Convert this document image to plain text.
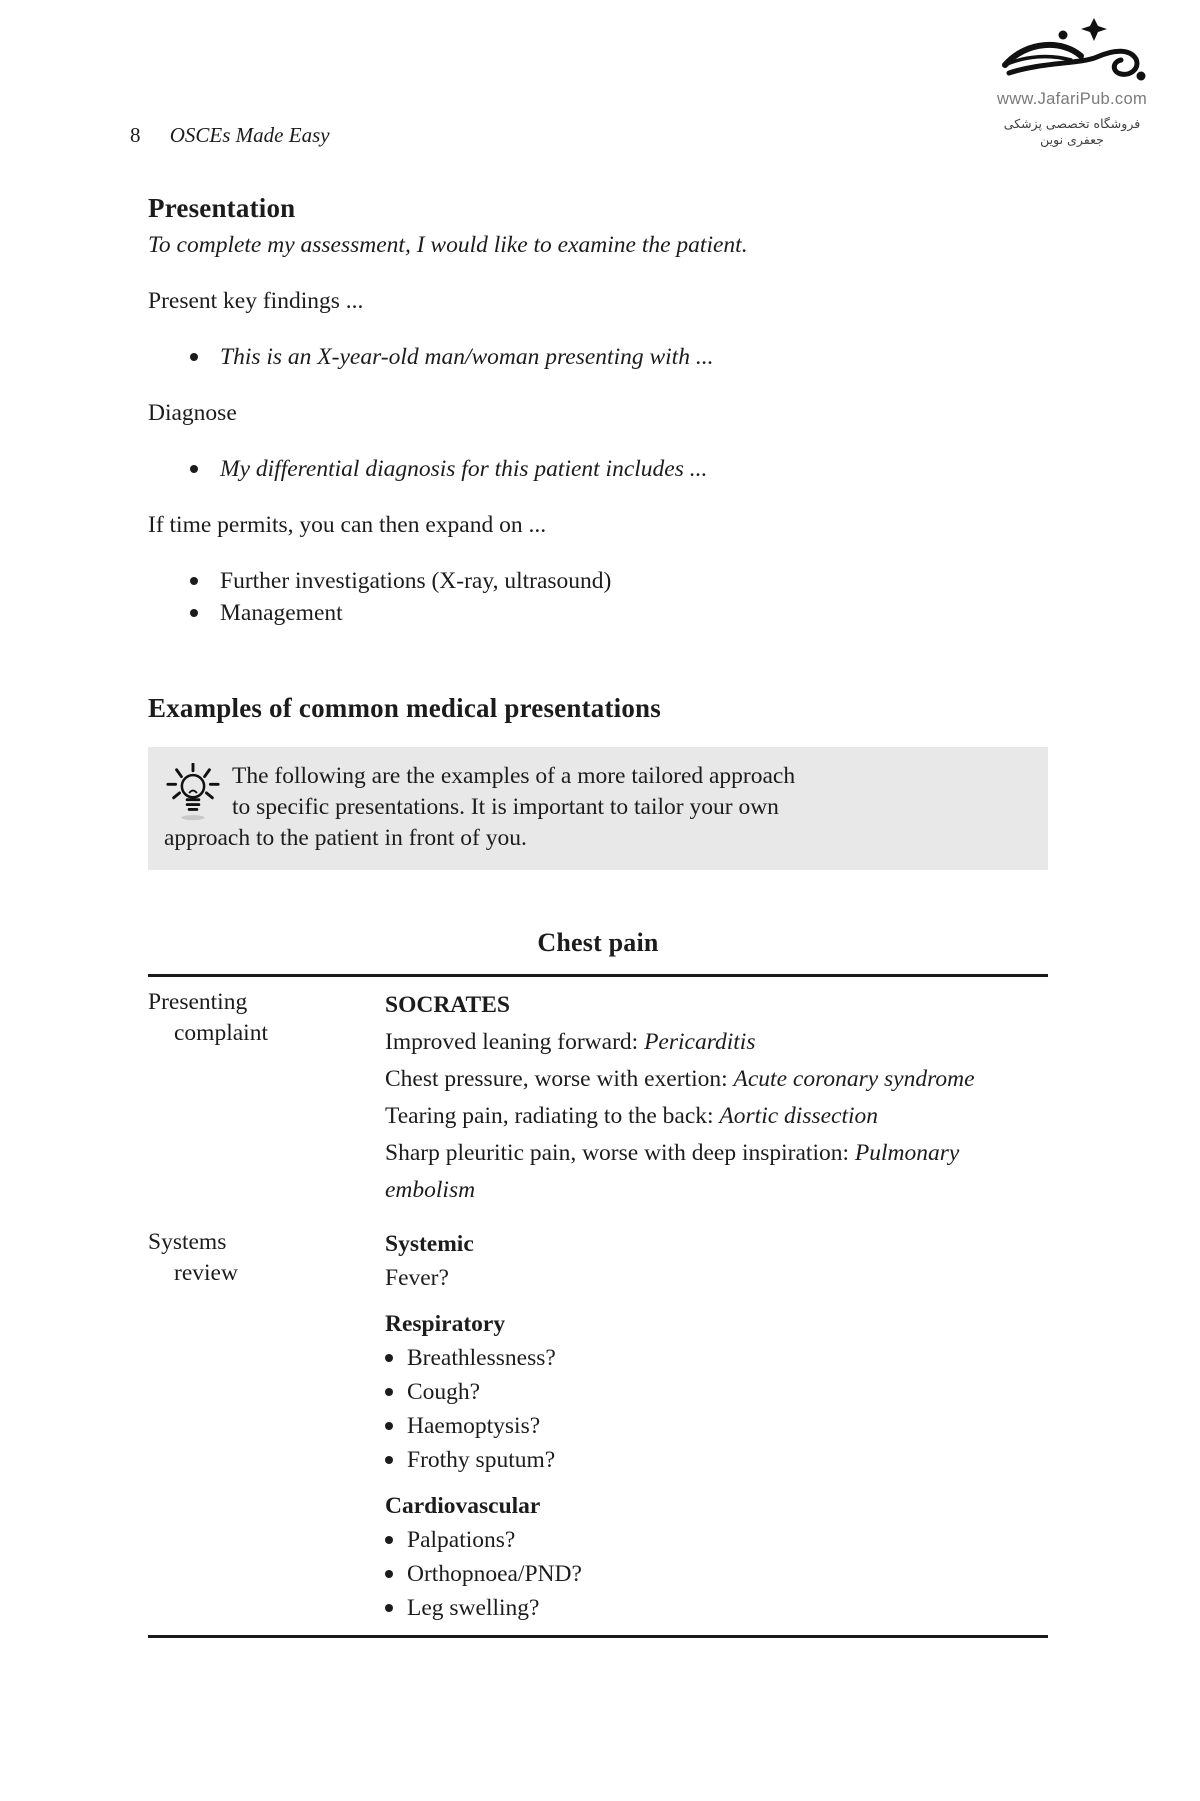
www.JafariPub.com
فروشگاه تخصصی پزشکی جعفری نوین
8 OSCEs Made Easy
Presentation

To complete my assessment, I would like to examine the patient.

Present key findings ...

This is an X-year-old man/woman presenting with ...

Diagnose

My differential diagnosis for this patient includes ...

If time permits, you can then expand on ...

Further investigations (X-ray, ultrasound)
Management
Examples of common medical presentations
The following are the examples of a more tailored approach
to specific presentations. It is important to tailor your own
approach to the patient in front of you.
Chest pain
Presenting
complaint
SOCRATES
Improved leaning forward: Pericarditis
Chest pressure, worse with exertion: Acute coronary syndrome
Tearing pain, radiating to the back: Aortic dissection
Sharp pleuritic pain, worse with deep inspiration: Pulmonary embolism
Systems
review
Systemic
Fever?
Respiratory
Breathlessness?
Cough?
Haemoptysis?
Frothy sputum?
Cardiovascular
Palpations?
Orthopnoea/PND?
Leg swelling?
